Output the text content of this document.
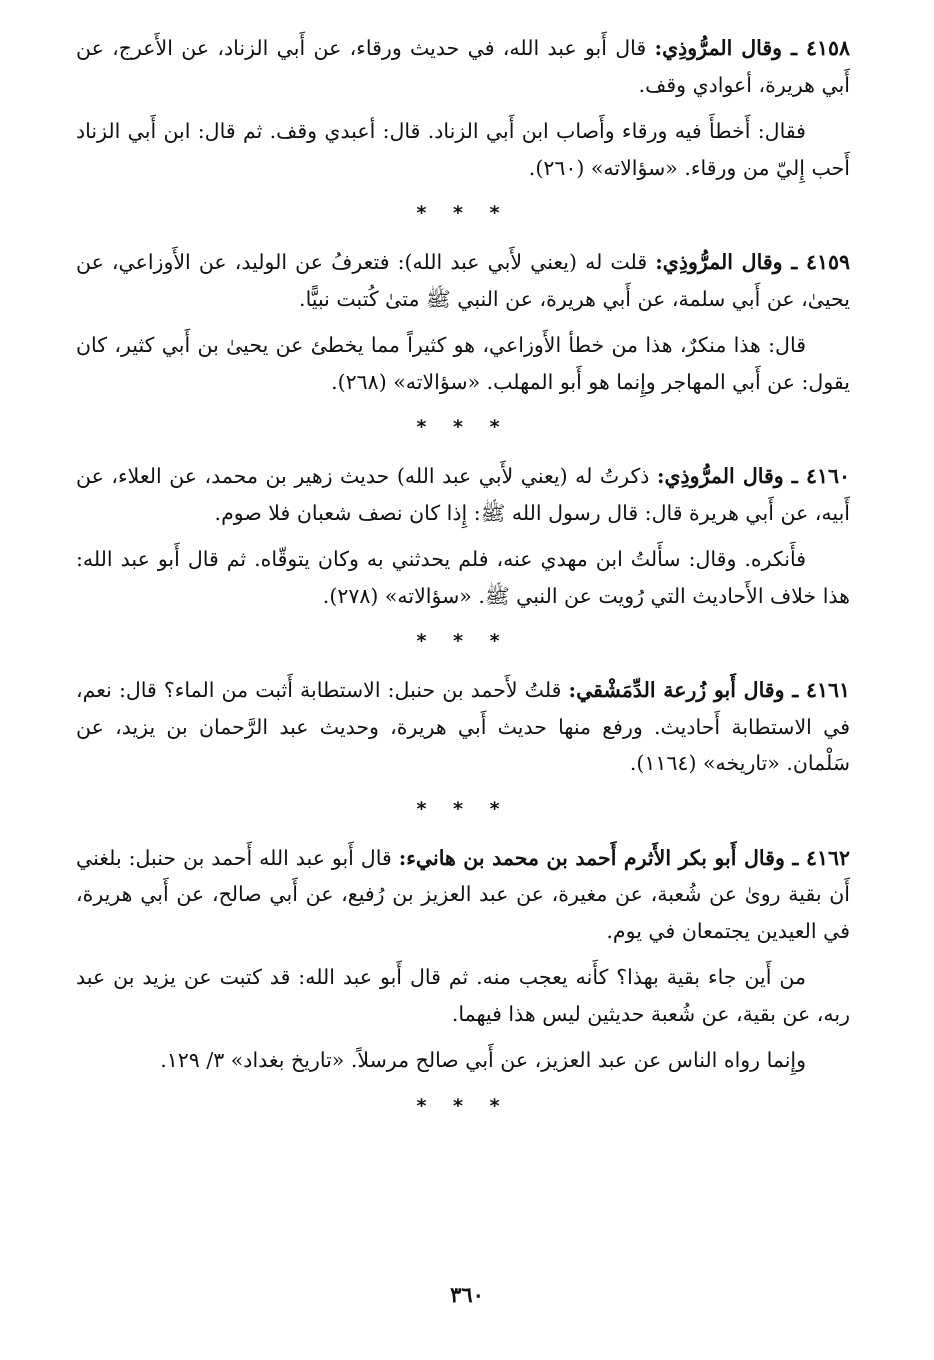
٤١٥٨ ـ وقال المرُّوذِي: قال أَبو عبد الله، في حديث ورقاء، عن أَبي الزناد، عن الأَعرج، عن أَبي هريرة، أعوادي وقف.

فقال: أَخطأَ فيه ورقاء وأَصاب ابن أَبي الزناد. قال: أعبدي وقف. ثم قال: ابن أَبي الزناد أَحب إِليّ من ورقاء. «سؤالاته» (٢٦٠).

* * *

٤١٥٩ ـ وقال المرُّوذِي: قلت له (يعني لأَبي عبد الله): فتعرفُ عن الوليد، عن الأَوزاعي، عن يحيىٰ، عن أَبي سلمة، عن أَبي هريرة، عن النبي ﷺ متىٰ كُتبت نبيًّا.

قال: هذا منكرٌ، هذا من خطأ الأَوزاعي، هو كثيراً مما يخطئ عن يحيىٰ بن أَبي كثير، كان يقول: عن أَبي المهاجر وإِنما هو أَبو المهلب. «سؤالاته» (٢٦٨).

* * *

٤١٦٠ ـ وقال المرُّوذِي: ذكرتُ له (يعني لأَبي عبد الله) حديث زهير بن محمد، عن العلاء، عن أَبيه، عن أَبي هريرة قال: قال رسول الله ﷺ: إِذا كان نصف شعبان فلا صوم.

فأَنكره. وقال: سأَلتُ ابن مهدي عنه، فلم يحدثني به وكان يتوقّاه. ثم قال أَبو عبد الله: هذا خلاف الأَحاديث التي رُويت عن النبي ﷺ. «سؤالاته» (٢٧٨).

* * *

٤١٦١ ـ وقال أَبو زُرعة الدِّمَشْقي: قلتُ لأَحمد بن حنبل: الاستطابة أَثبت من الماء؟ قال: نعم، في الاستطابة أَحاديث. ورفع منها حديث أَبي هريرة، وحديث عبد الرَّحمان بن يزيد، عن سَلْمان. «تاريخه» (١١٦٤).

* * *

٤١٦٢ ـ وقال أَبو بكر الأَثرم أَحمد بن محمد بن هانيء: قال أَبو عبد الله أَحمد بن حنبل: بلغني أَن بقية روىٰ عن شُعبة، عن مغيرة، عن عبد العزيز بن رُفيع، عن أَبي صالح، عن أَبي هريرة، في العيدين يجتمعان في يوم.

من أَين جاء بقية بهذا؟ كأَنه يعجب منه. ثم قال أَبو عبد الله: قد كتبت عن يزيد بن عبد ربه، عن بقية، عن شُعبة حديثين ليس هذا فيهما.

وإِنما رواه الناس عن عبد العزيز، عن أَبي صالح مرسلاً. «تاريخ بغداد» ٣/ ١٢٩.

* * *
٣٦٠
